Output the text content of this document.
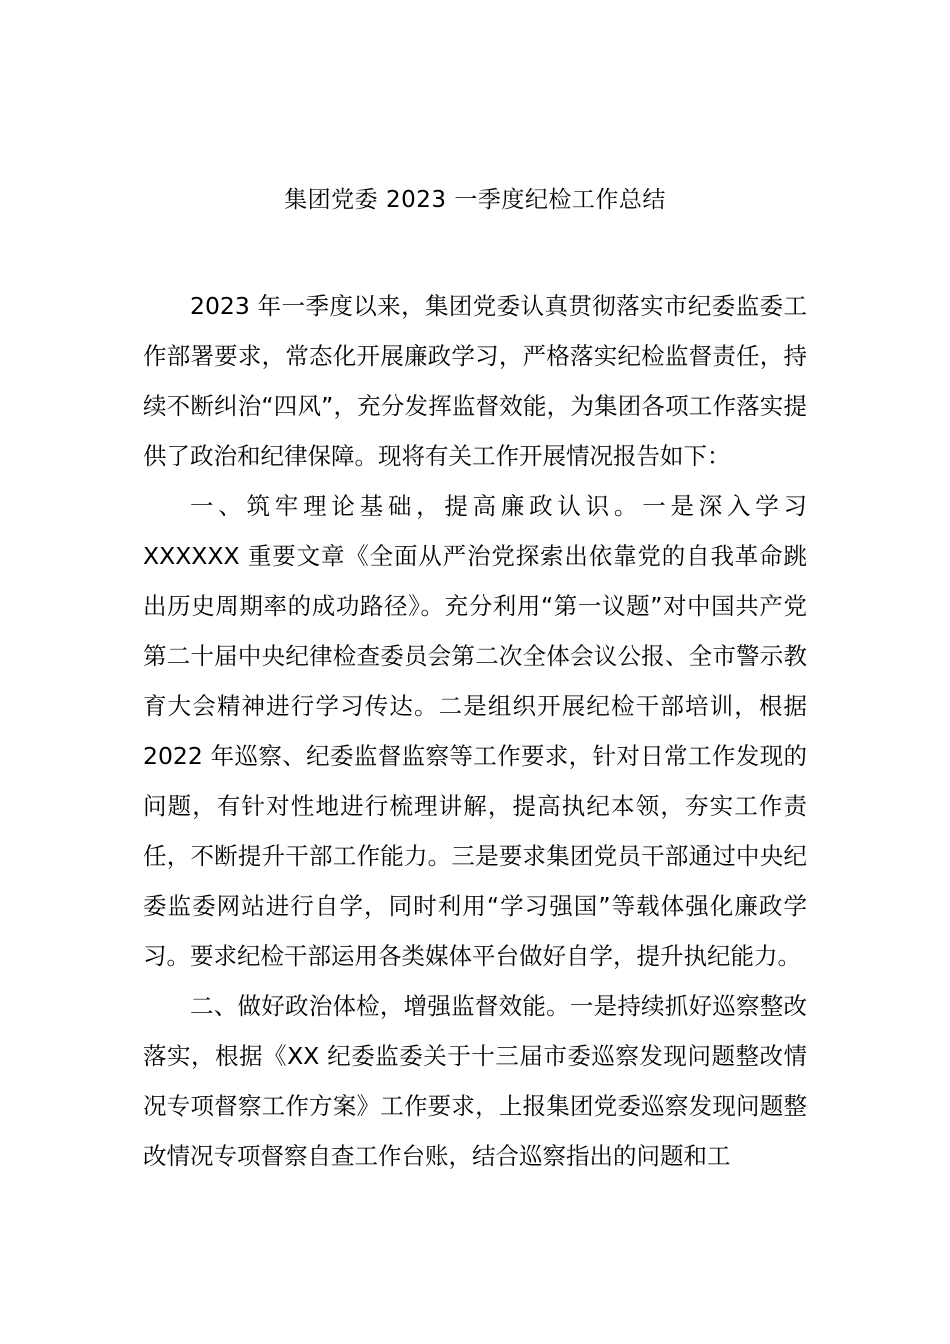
集团党委 2023 一季度纪检工作总结

2023 年一季度以来，集团党委认真贯彻落实市纪委监委工作部署要求，常态化开展廉政学习，严格落实纪检监督责任，持续不断纠治“四风”，充分发挥监督效能，为集团各项工作落实提供了政治和纪律保障。现将有关工作开展情况报告如下：

一、筑牢理论基础，提高廉政认识。一是深入学习 XXXXXX 重要文章《全面从严治党探索出依靠党的自我革命跳出历史周期率的成功路径》。充分利用“第一议题”对中国共产党第二十届中央纪律检查委员会第二次全体会议公报、全市警示教育大会精神进行学习传达。二是组织开展纪检干部培训，根据 2022 年巡察、纪委监督监察等工作要求，针对日常工作发现的问题，有针对性地进行梳理讲解，提高执纪本领，夯实工作责任，不断提升干部工作能力。三是要求集团党员干部通过中央纪委监委网站进行自学，同时利用“学习强国”等载体强化廉政学习。要求纪检干部运用各类媒体平台做好自学，提升执纪能力。

二、做好政治体检，增强监督效能。一是持续抓好巡察整改落实，根据《XX 纪委监委关于十三届市委巡察发现问题整改情况专项督察工作方案》工作要求，上报集团党委巡察发现问题整改情况专项督察自查工作台账，结合巡察指出的问题和工
